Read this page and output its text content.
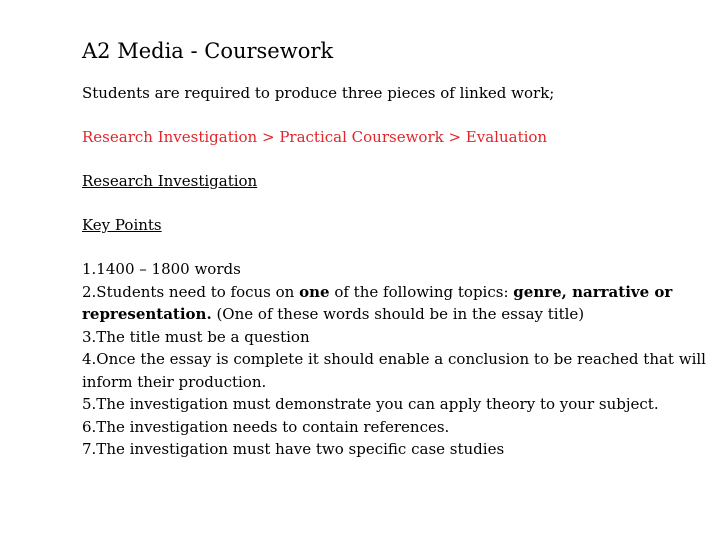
A2 Media - Coursework

Students are required to produce three pieces of linked work;

Research Investigation > Practical Coursework > Evaluation

Research Investigation

Key Points

1.1400 – 1800 words
2.Students need to focus on one of the following topics: genre, narrative or representation. (One of these words should be in the essay title)
3.The title must be a question
4.Once the essay is complete it should enable a conclusion to be reached that will inform their production.
5.The investigation must demonstrate you can apply theory to your subject.
6.The investigation needs to contain references.
7.The investigation must have two specific case studies
